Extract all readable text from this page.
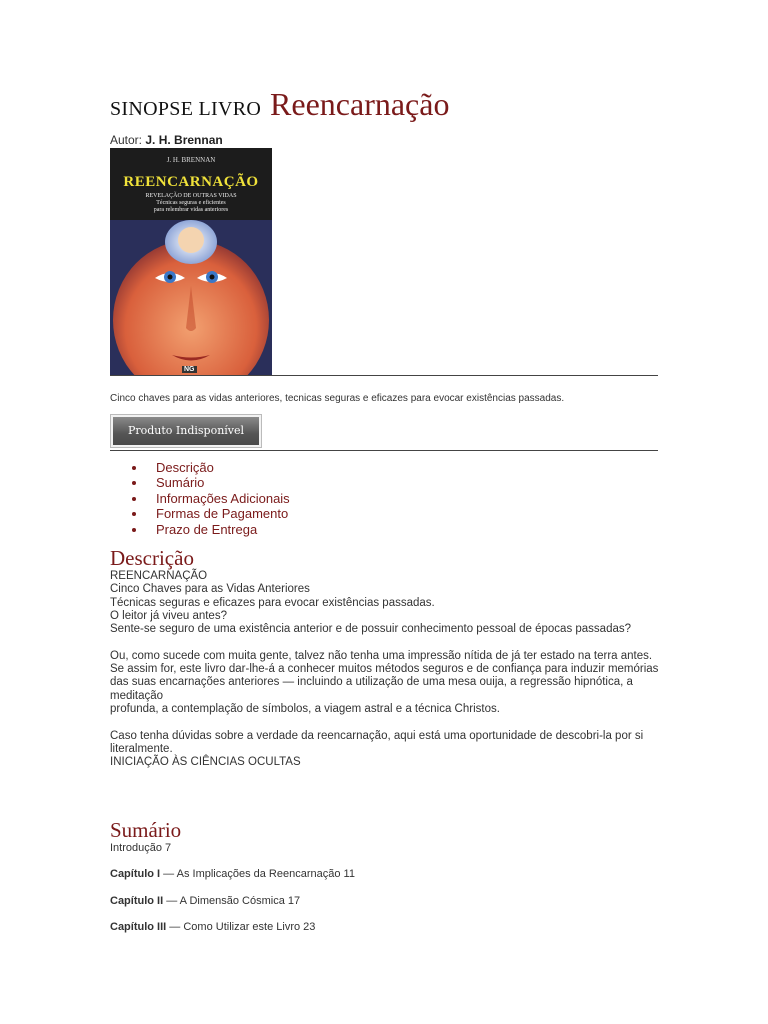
SINOPSE LIVRO Reencarnação
Autor: J. H. Brennan
J. H. BRENNAN
REENCARNAÇÃO
REVELAÇÃO DE OUTRAS VIDAS
Técnicas seguras e eficientes
para relembrar vidas anteriores
NG
Cinco chaves para as vidas anteriores, tecnicas seguras e eficazes para evocar existências passadas.
Produto Indisponível
Descrição
Sumário
Informações Adicionais
Formas de Pagamento
Prazo de Entrega
Descrição

REENCARNAÇÃO

Cinco Chaves para as Vidas Anteriores

Técnicas seguras e eficazes para evocar existências passadas.

O leitor já viveu antes?

Sente-se seguro de uma existência anterior e de possuir conhecimento pessoal de épocas passadas?

Ou, como sucede com muita gente, talvez não tenha uma impressão nítida de já ter estado na terra antes.

Se assim for, este livro dar-lhe-á a conhecer muitos métodos seguros e de confiança para induzir memórias das suas encarnações anteriores — incluindo a utilização de uma mesa ouija, a regressão hipnótica, a meditação

profunda, a contemplação de símbolos, a viagem astral e a técnica Christos.

Caso tenha dúvidas sobre a verdade da reencarnação, aqui está uma oportunidade de descobri-la por si literalmente.

INICIAÇÃO ÀS CIÊNCIAS OCULTAS

Sumário
Introdução 7
Capítulo I — As Implicações da Reencarnação 11
Capítulo II — A Dimensão Cósmica 17
Capítulo III — Como Utilizar este Livro 23
